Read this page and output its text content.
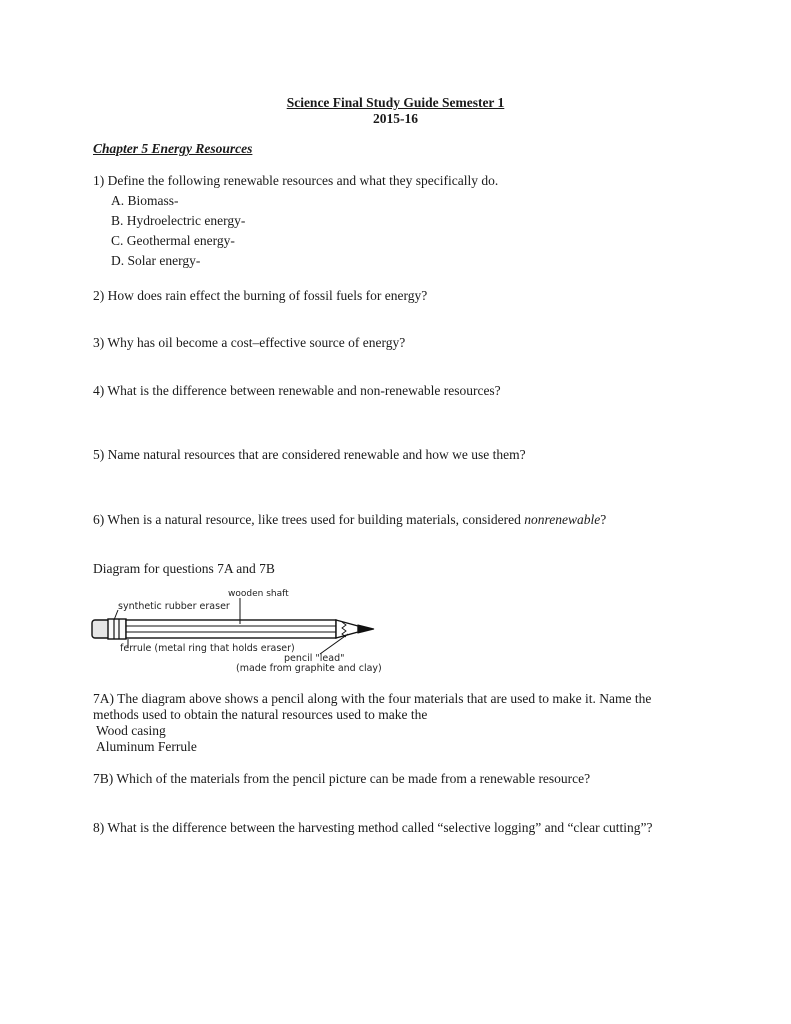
Science Final Study Guide Semester 1
2015-16
Chapter 5 Energy Resources
1) Define the following renewable resources and what they specifically do.
A. Biomass-
B. Hydroelectric energy-
C. Geothermal energy-
D. Solar energy-
2) How does rain effect the burning of fossil fuels for energy?
3) Why has oil become a cost–effective source of energy?
4) What is the difference between renewable and non-renewable resources?
5) Name natural resources that are considered renewable and how we use them?
6) When is a natural resource, like trees used for building materials, considered nonrenewable?
Diagram for questions 7A and 7B
wooden shaft
synthetic rubber eraser
ferrule (metal ring that holds eraser)
pencil "lead"
(made from graphite and clay)
7A) The diagram above shows a pencil along with the four materials that are used to make it. Name the
methods used to obtain the natural resources used to make the
Wood casing
Aluminum Ferrule
7B) Which of the materials from the pencil picture can be made from a renewable resource?
8) What is the difference between the harvesting method called “selective logging” and “clear cutting”?
